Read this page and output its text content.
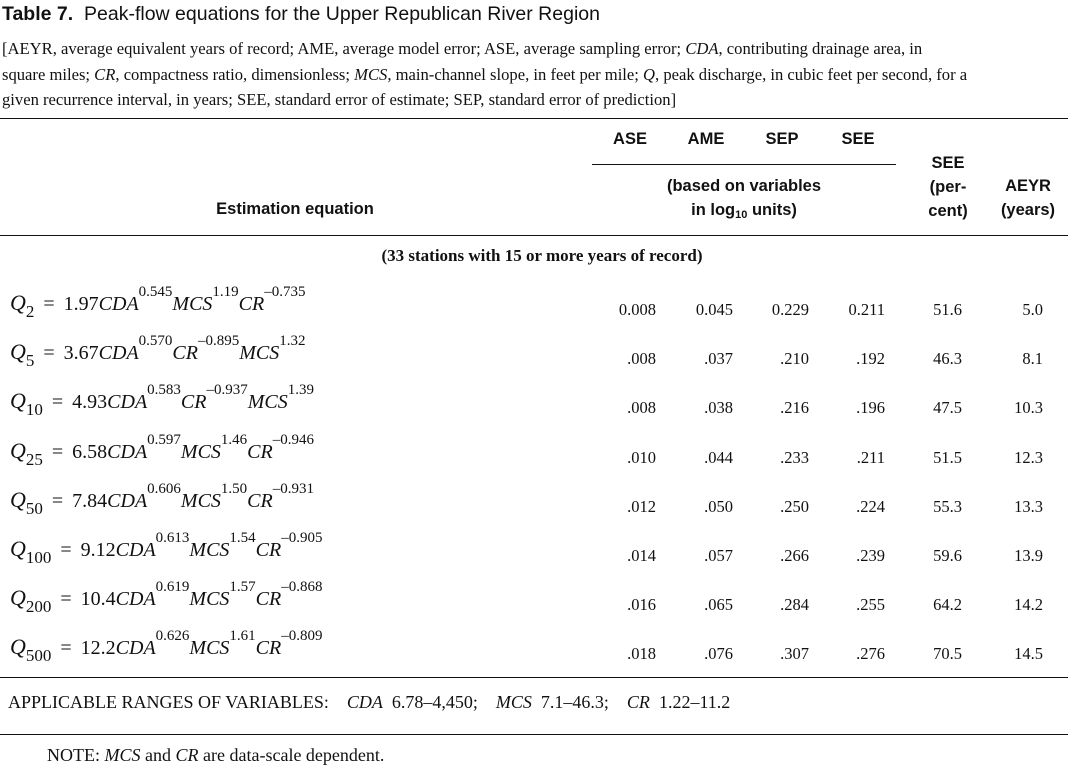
Table 7. Peak-flow equations for the Upper Republican River Region
[AEYR, average equivalent years of record; AME, average model error; ASE, average sampling error; CDA, contributing drainage area, in
square miles; CR, compactness ratio, dimensionless; MCS, main-channel slope, in feet per mile; Q, peak discharge, in cubic feet per second, for a
given recurrence interval, in years; SEE, standard error of estimate; SEP, standard error of prediction]
Estimation equation
ASE	AME	SEP	SEE
(based on variables
in $\log_{10}$ units)
SEE
(per-
cent)
AEYR
(years)
(33 stations with 15 or more years of record)
$Q_2 = 1.97CDA^{0.545}MCS^{1.19}CR^{-0.735}$
0.008	0.045	0.229	0.211	51.6	5.0
$Q_5 = 3.67CDA^{0.570}CR^{-0.895}MCS^{1.32}$
.008	.037	.210	.192	46.3	8.1
$Q_{10} = 4.93CDA^{0.583}CR^{-0.937}MCS^{1.39}$
.008	.038	.216	.196	47.5	10.3
$Q_{25} = 6.58CDA^{0.597}MCS^{1.46}CR^{-0.946}$
.010	.044	.233	.211	51.5	12.3
$Q_{50} = 7.84CDA^{0.606}MCS^{1.50}CR^{-0.931}$
.012	.050	.250	.224	55.3	13.3
$Q_{100} = 9.12CDA^{0.613}MCS^{1.54}CR^{-0.905}$
.014	.057	.266	.239	59.6	13.9
$Q_{200} = 10.4CDA^{0.619}MCS^{1.57}CR^{-0.868}$
.016	.065	.284	.255	64.2	14.2
$Q_{500} = 12.2CDA^{0.626}MCS^{1.61}CR^{-0.809}$
.018	.076	.307	.276	70.5	14.5
APPLICABLE RANGES OF VARIABLES: CDA 6.78–4,450; MCS 7.1–46.3; CR 1.22–11.2
NOTE: MCS and CR are data-scale dependent.
